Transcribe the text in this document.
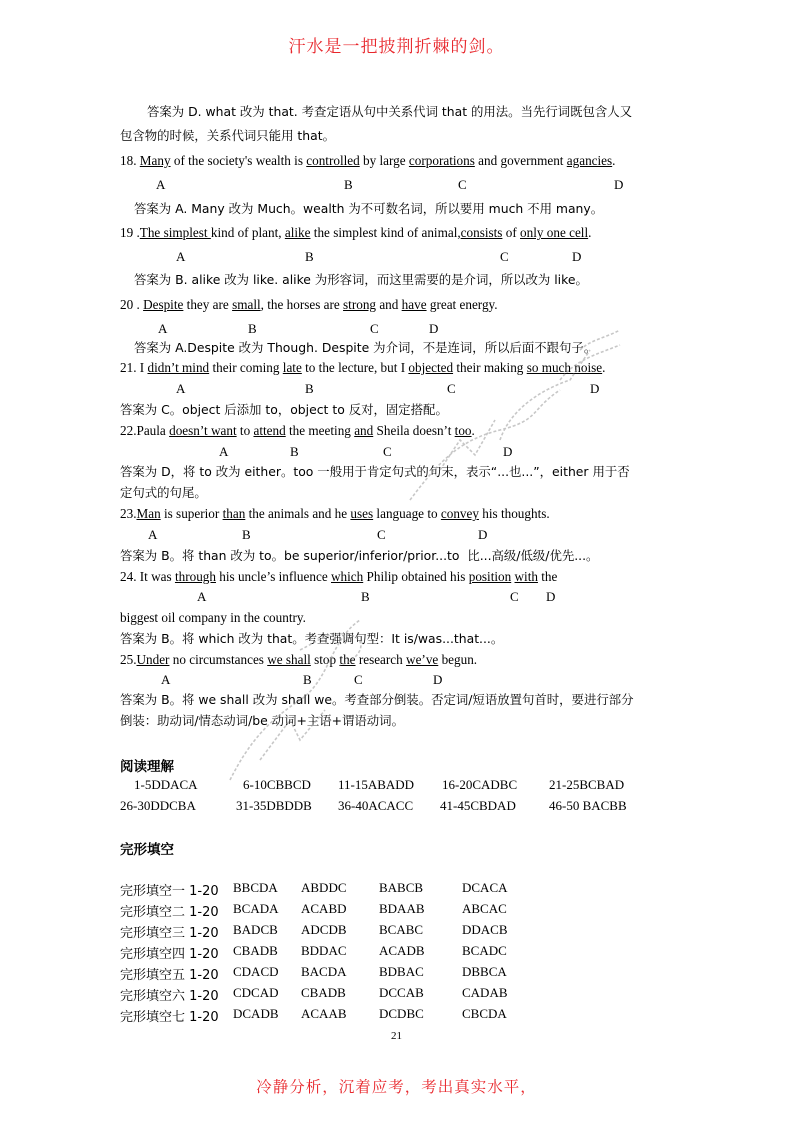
汗水是一把披荆折棘的剑。
答案为 D. what 改为 that. 考查定语从句中关系代词 that 的用法。当先行词既包含人又
包含物的时候，关系代词只能用 that。
18. Many of the society's wealth is controlled by large corporations and government agancies.
A	B	C	D
答案为 A. Many 改为 Much。wealth 为不可数名词，所以要用 much 不用 many。
19 .The simplest kind of plant, alike the simplest kind of animal,consists of only one cell.
A	B	C	D
答案为 B. alike 改为 like. alike 为形容词，而这里需要的是介词，所以改为 like。
20 . Despite they are small, the horses are strong and have great energy.
A	B	C	D
答案为 A.Despite 改为 Though. Despite 为介词，不是连词，所以后面不跟句子。
21. I didn’t mind their coming late to the lecture, but I objected their making so much noise.
A	B	C	D
答案为 C。object 后添加 to，object to 反对，固定搭配。
22.Paula doesn’t want to attend the meeting and Sheila doesn’t too.
A	B	C	D
答案为 D，将 to 改为 either。too 一般用于肯定句式的句末，表示“...也...”，either 用于否
定句式的句尾。
23.Man is superior than the animals and he uses language to convey his thoughts.
A	B	C	D
答案为 B。将 than 改为 to。be superior/inferior/prior...to  比...高级/低级/优先...。
24. It was through his uncle’s influence which Philip obtained his position with the
A	B	C D
biggest oil company in the country.
答案为 B。将 which 改为 that。考查强调句型：It is/was...that...。
25.Under no circumstances we shall stop the research we’ve begun.
A	B	C	D
答案为 B。将 we shall 改为 shall we。考查部分倒装。否定词/短语放置句首时，要进行部分
倒装：助动词/情态动词/be 动词+主语+谓语动词。
阅读理解
1-5DDACA	6-10CBBCD 11-15ABADD 16-20CADBC 21-25BCBAD
26-30DDCBA	31-35DBDDB 36-40ACACC 41-45CBDAD	46-50 BACBB
完形填空
完形填空一 1-20 BBCDA ABDDC BABCB	DCACA
完形填空二 1-20 BCADA ACABD BDAAB	ABCAC
完形填空三 1-20 BADCB ADCDB BCABC	DDACB
完形填空四 1-20 CBADB BDDAC ACADB	BCADC
完形填空五 1-20 CDACD BACDA BDBAC	DBBCA
完形填空六 1-20 CDCAD CBADB	DCCAB	CADAB
完形填空七 1-20 DCADB ACAAB DCDBC	CBCDA
21
冷静分析，沉着应考，考出真实水平，
